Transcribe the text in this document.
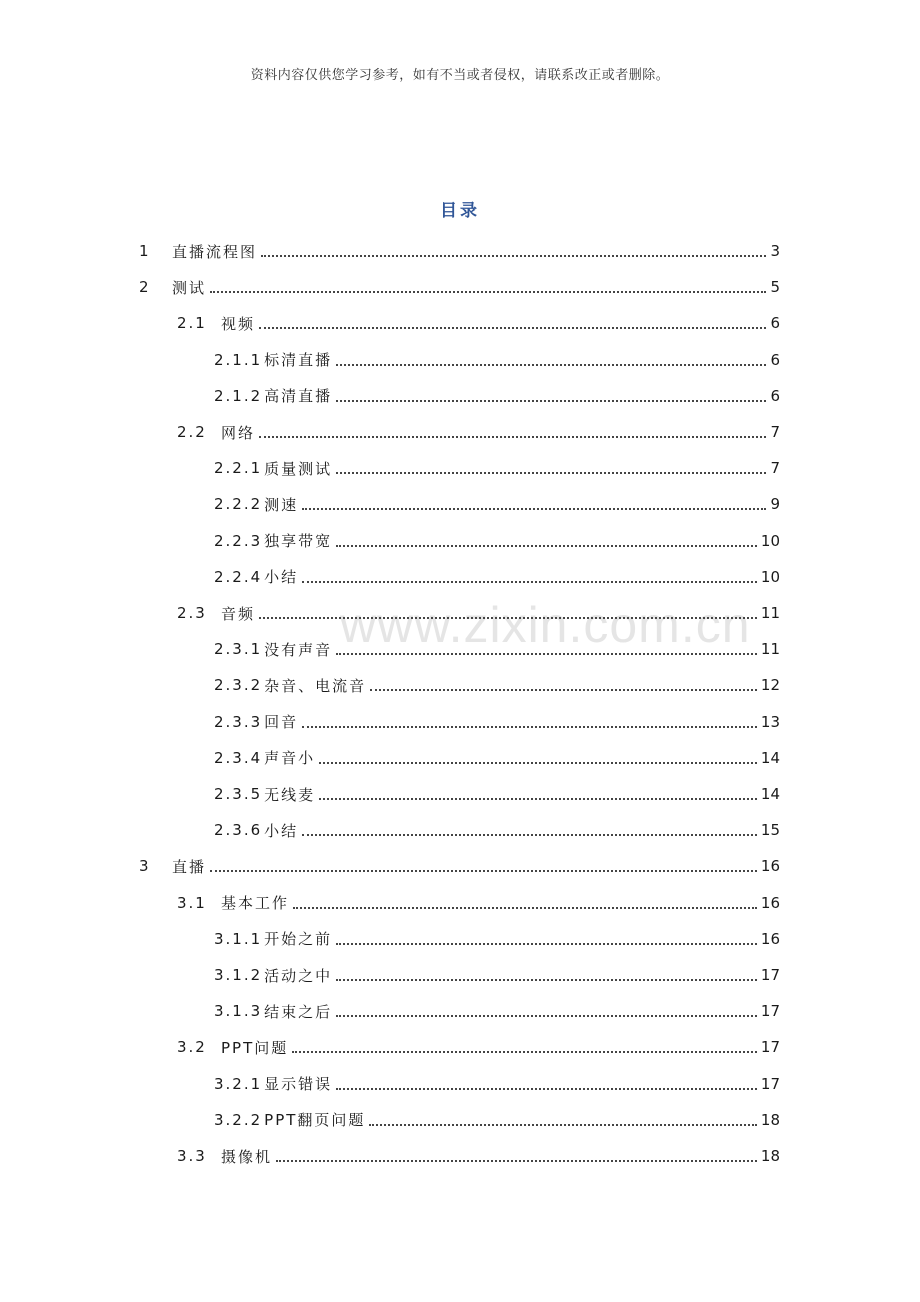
资料内容仅供您学习参考，如有不当或者侵权，请联系改正或者删除。
目录
www.zixin.com.cn
1	直播流程图	3
2	测试	5
2.1 视频	6
2.1.1 标清直播	6
2.1.2 高清直播	6
2.2 网络	7
2.2.1 质量测试	7
2.2.2 测速	9
2.2.3 独享带宽	10
2.2.4 小结	10
2.3 音频	11
2.3.1 没有声音	11
2.3.2 杂音、电流音	12
2.3.3 回音	13
2.3.4 声音小	14
2.3.5 无线麦	14
2.3.6 小结	15
3	直播	16
3.1 基本工作	16
3.1.1 开始之前	16
3.1.2 活动之中	17
3.1.3 结束之后	17
3.2 PPT问题	17
3.2.1 显示错误	17
3.2.2 PPT翻页问题	18
3.3 摄像机	18
